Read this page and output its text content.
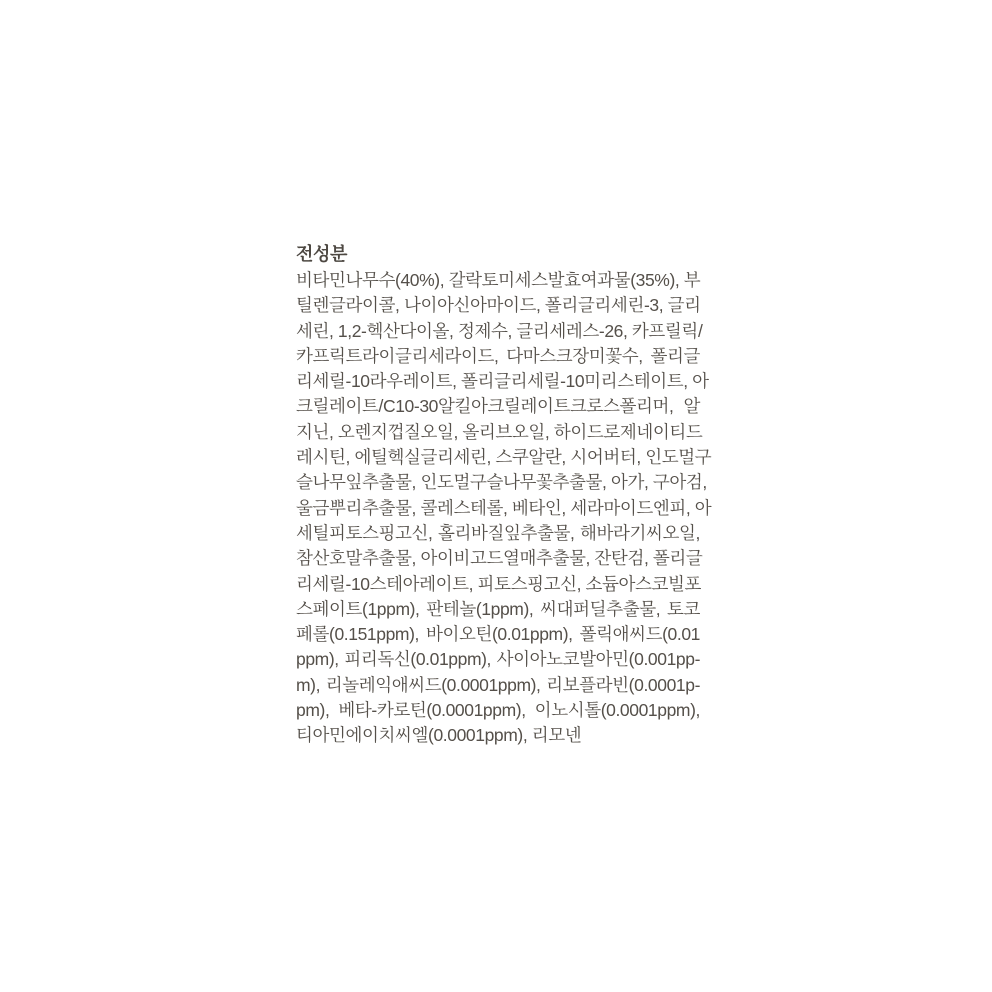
전성분
비타민나무수(40%), 갈락토미세스발효여과물(35%), 부
틸렌글라이콜, 나이아신아마이드, 폴리글리세린-3, 글리
세린, 1,2-헥산다이올, 정제수, 글리세레스-26, 카프릴릭/
카프릭트라이글리세라이드, 다마스크장미꽃수, 폴리글
리세릴-10라우레이트, 폴리글리세릴-10미리스테이트, 아
크릴레이트/C10-30알킬아크릴레이트크로스폴리머, 알
지닌, 오렌지껍질오일, 올리브오일, 하이드로제네이티드
레시틴, 에틸헥실글리세린, 스쿠알란, 시어버터, 인도멀구
슬나무잎추출물, 인도멀구슬나무꽃추출물, 아가, 구아검,
울금뿌리추출물, 콜레스테롤, 베타인, 세라마이드엔피, 아
세틸피토스핑고신, 홀리바질잎추출물, 해바라기씨오일,
참산호말추출물, 아이비고드열매추출물, 잔탄검, 폴리글
리세릴-10스테아레이트, 피토스핑고신, 소듐아스코빌포
스페이트(1ppm), 판테놀(1ppm), 씨대퍼딜추출물, 토코
페롤(0.151ppm), 바이오틴(0.01ppm), 폴릭애씨드(0.01
ppm), 피리독신(0.01ppm), 사이아노코발아민(0.001pp-
m), 리놀레익애씨드(0.0001ppm), 리보플라빈(0.0001p-
pm), 베타-카로틴(0.0001ppm), 이노시톨(0.0001ppm),
티아민에이치씨엘(0.0001ppm), 리모넨
